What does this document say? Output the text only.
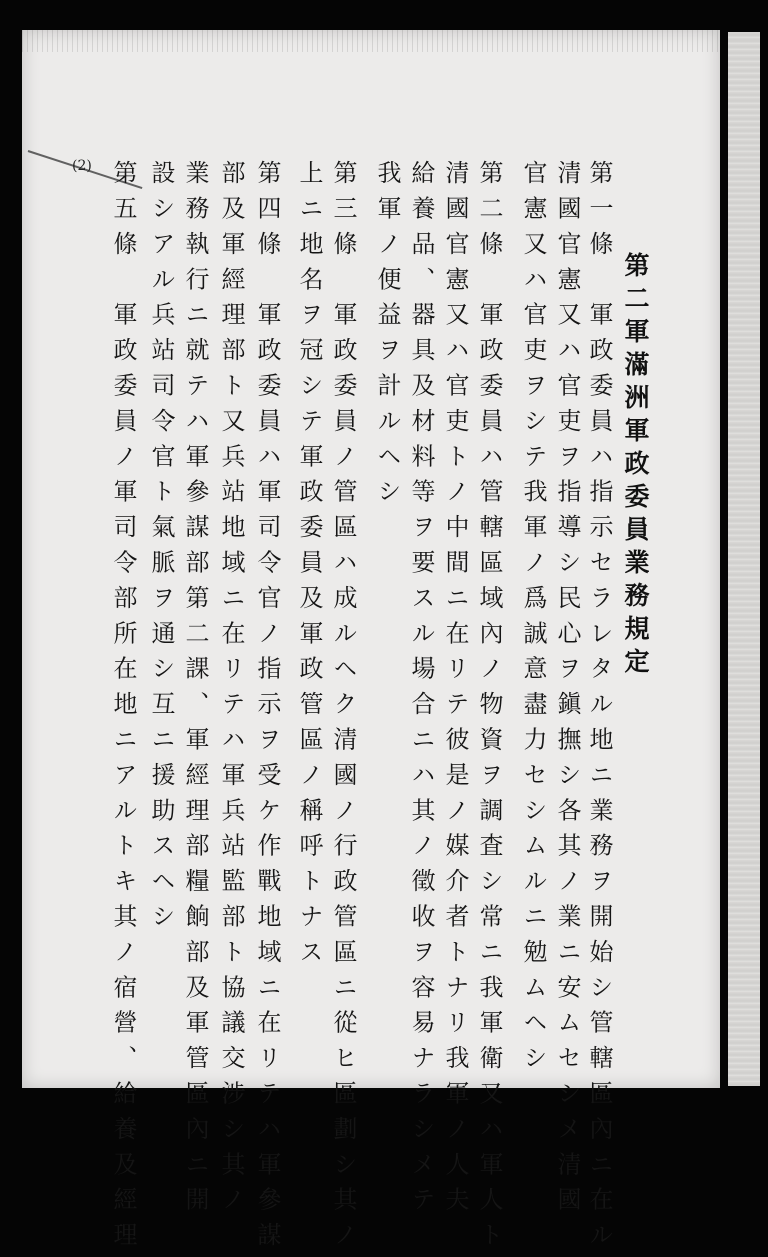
(2)
第二軍滿洲軍政委員業務規定
第一條　軍政委員ハ指示セラレタル地ニ業務ヲ開始シ管轄區內ニ在ル
清國官憲又ハ官吏ヲ指導シ民心ヲ鎭撫シ各其ノ業ニ安ムセシメ清國
官憲又ハ官吏ヲシテ我軍ノ爲誠意盡力セシムルニ勉ムヘシ
第二條　軍政委員ハ管轄區域內ノ物資ヲ調査シ常ニ我軍衛又ハ軍人ト
清國官憲又ハ官吏トノ中間ニ在リテ彼是ノ媒介者トナリ我軍ノ人夫
給養品、器具及材料等ヲ要スル場合ニハ其ノ徵收ヲ容易ナラシメテ
我軍ノ便益ヲ計ルヘシ
第三條　軍政委員ノ管區ハ成ルヘク清國ノ行政管區ニ從ヒ區劃シ其ノ
上ニ地名ヲ冠シテ軍政委員及軍政管區ノ稱呼トナス
第四條　軍政委員ハ軍司令官ノ指示ヲ受ケ作戰地域ニ在リテハ軍參謀
部及軍經理部ト又兵站地域ニ在リテハ軍兵站監部ト協議交涉シ其ノ
業務執行ニ就テハ軍參謀部第二課、軍經理部糧餉部及軍管區內ニ開
設シアル兵站司令官ト氣脈ヲ通シ互ニ援助スヘシ
第五條　軍政委員ノ軍司令部所在地ニアルトキ其ノ宿營、給養及經理
